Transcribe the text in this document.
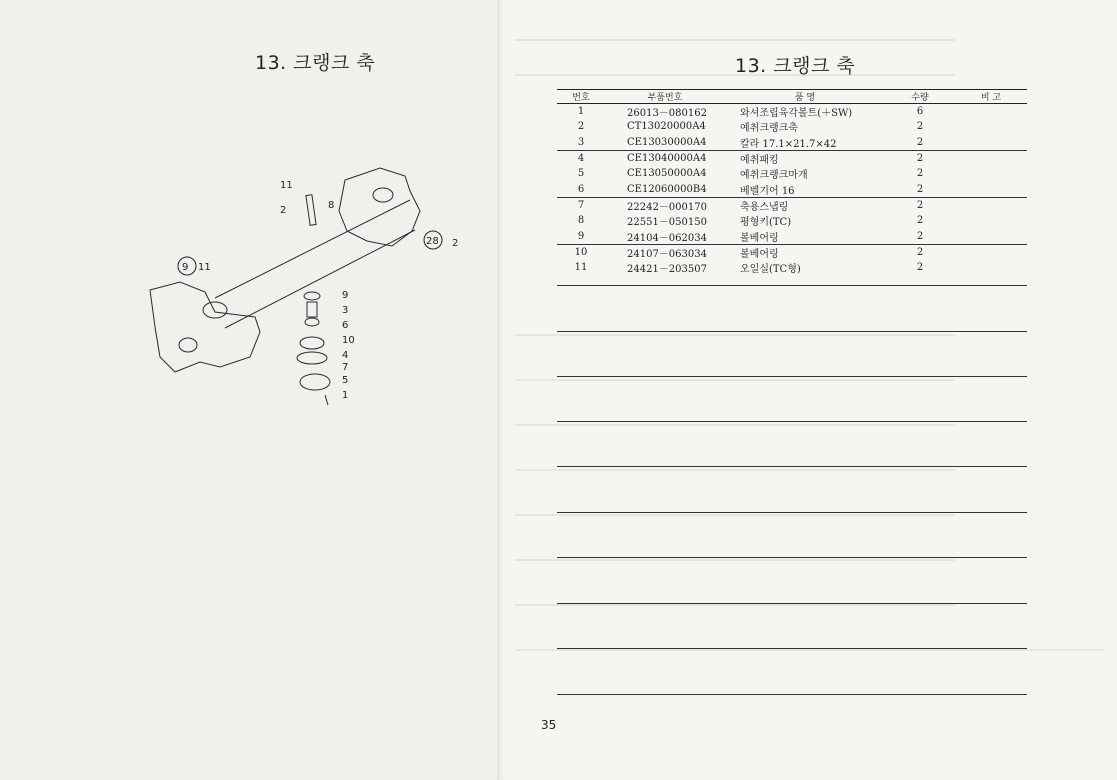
13. 크랭크 축	13. 크랭크 축
11
2	8
28 2
9 11
9
3
6
10
4
7
5
1
번호	부품번호	품 명	수량	비 고
1	26013－080162	와셔조립육각볼트(＋SW)	6
2	CT13020000A4	예취크랭크축	2
3	CE13030000A4	칼라 17.1×21.7×42	2
4	CE13040000A4	예취패킹	2
5	CE13050000A4	예취크랭크마개	2
6	CE12060000B4	베벨기어 16	2
7	22242－000170	축용스냅링	2
8	22551－050150	평형키(TC)	2
9	24104－062034	볼베어링	2
10	24107－063034	볼베어링	2
11	24421－203507	오일실(TC형)	2
35
